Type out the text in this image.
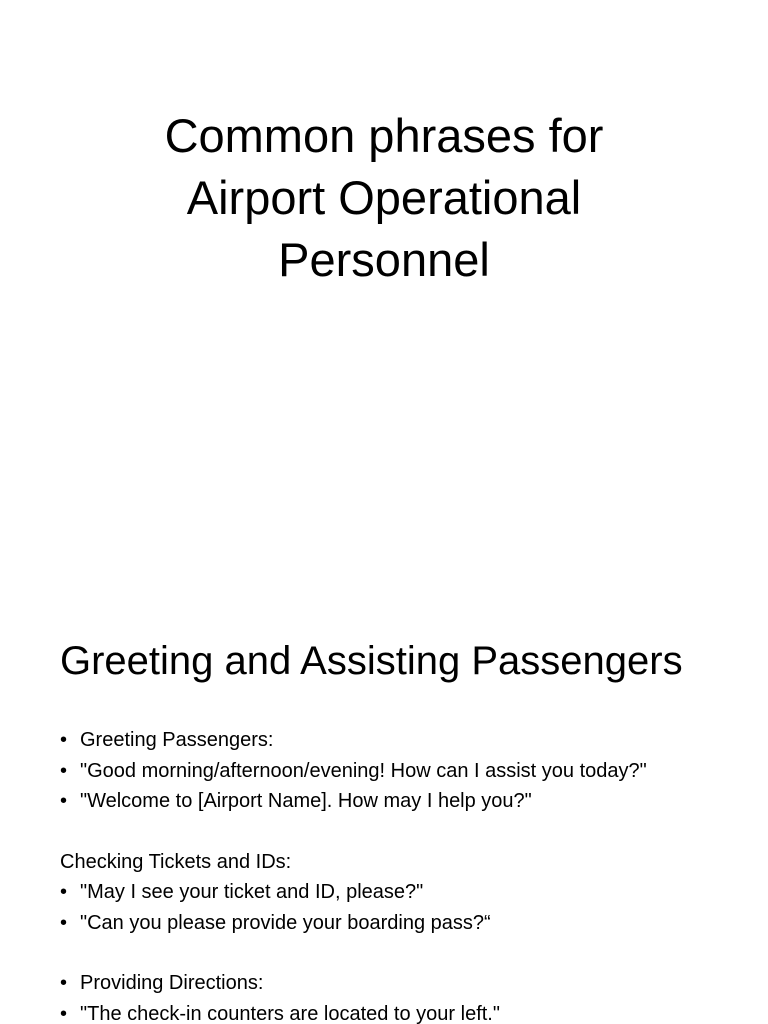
Common phrases for
Airport Operational
Personnel
Greeting and Assisting Passengers
• Greeting Passengers:
• "Good morning/afternoon/evening! How can I assist you today?"
• "Welcome to [Airport Name]. How may I help you?"
Checking Tickets and IDs:
• "May I see your ticket and ID, please?"
• "Can you please provide your boarding pass?“
• Providing Directions:
• "The check-in counters are located to your left."
